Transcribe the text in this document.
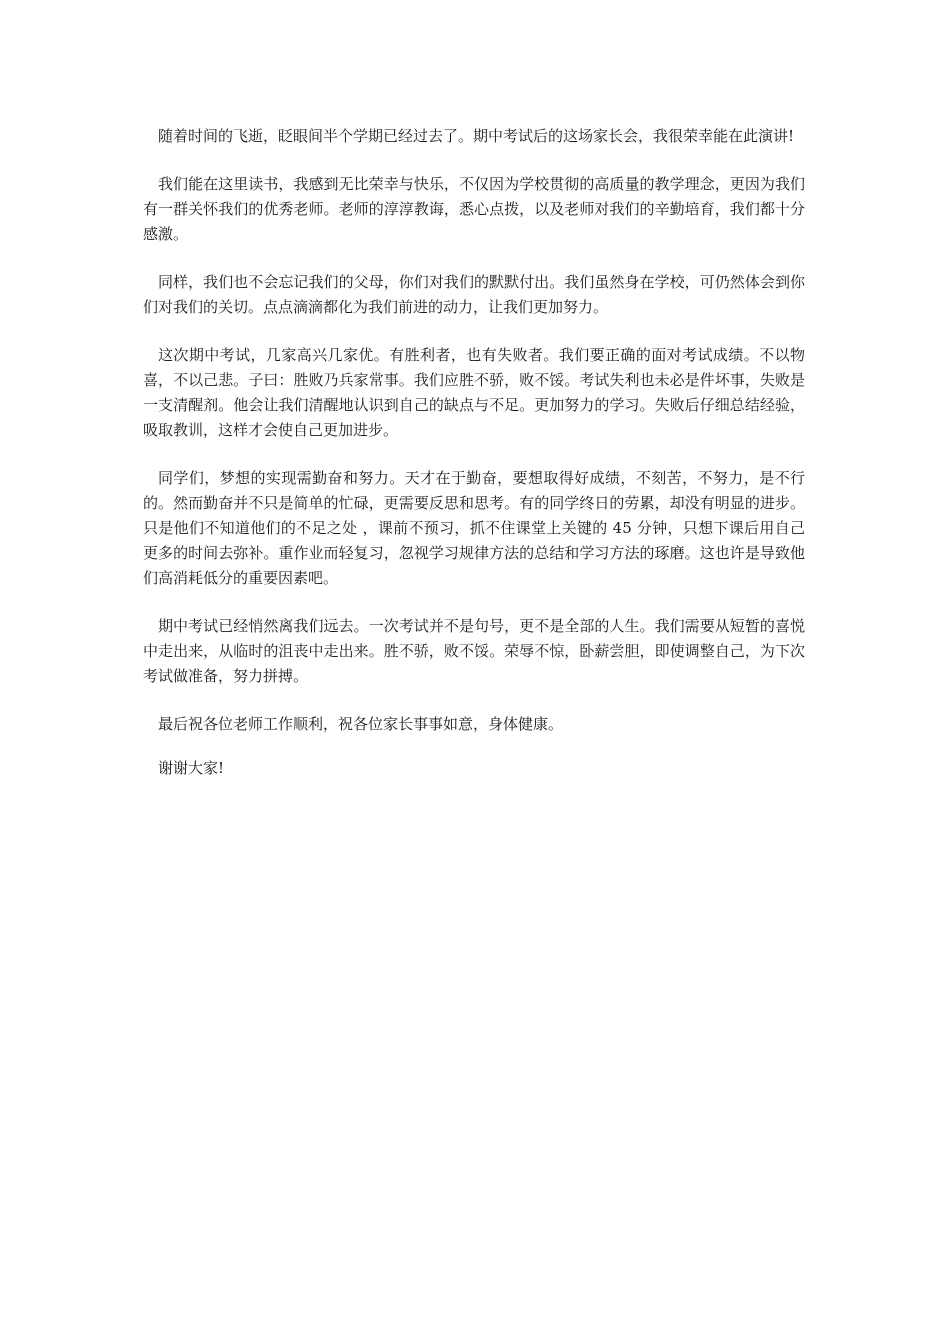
随着时间的飞逝，眨眼间半个学期已经过去了。期中考试后的这场家长会，我很荣幸能在此演讲!

我们能在这里读书，我感到无比荣幸与快乐，不仅因为学校贯彻的高质量的教学理念，更因为我们有一群关怀我们的优秀老师。老师的淳淳教诲，悉心点拨，以及老师对我们的辛勤培育，我们都十分感激。

同样，我们也不会忘记我们的父母，你们对我们的默默付出。我们虽然身在学校，可仍然体会到你们对我们的关切。点点滴滴都化为我们前进的动力，让我们更加努力。

这次期中考试，几家高兴几家优。有胜利者，也有失败者。我们要正确的面对考试成绩。不以物喜，不以己悲。子曰：胜败乃兵家常事。我们应胜不骄，败不馁。考试失利也未必是件坏事，失败是一支清醒剂。他会让我们清醒地认识到自己的缺点与不足。更加努力的学习。失败后仔细总结经验，吸取教训，这样才会使自己更加进步。

同学们，梦想的实现需勤奋和努力。天才在于勤奋，要想取得好成绩，不刻苦，不努力，是不行的。然而勤奋并不只是简单的忙碌，更需要反思和思考。有的同学终日的劳累，却没有明显的进步。只是他们不知道他们的不足之处 ，课前不预习，抓不住课堂上关键的 45 分钟，只想下课后用自己更多的时间去弥补。重作业而轻复习，忽视学习规律方法的总结和学习方法的琢磨。这也许是导致他们高消耗低分的重要因素吧。

期中考试已经悄然离我们远去。一次考试并不是句号，更不是全部的人生。我们需要从短暂的喜悦中走出来，从临时的沮丧中走出来。胜不骄，败不馁。荣辱不惊，卧薪尝胆，即使调整自己，为下次考试做准备，努力拼搏。

最后祝各位老师工作顺利，祝各位家长事事如意，身体健康。

谢谢大家!
